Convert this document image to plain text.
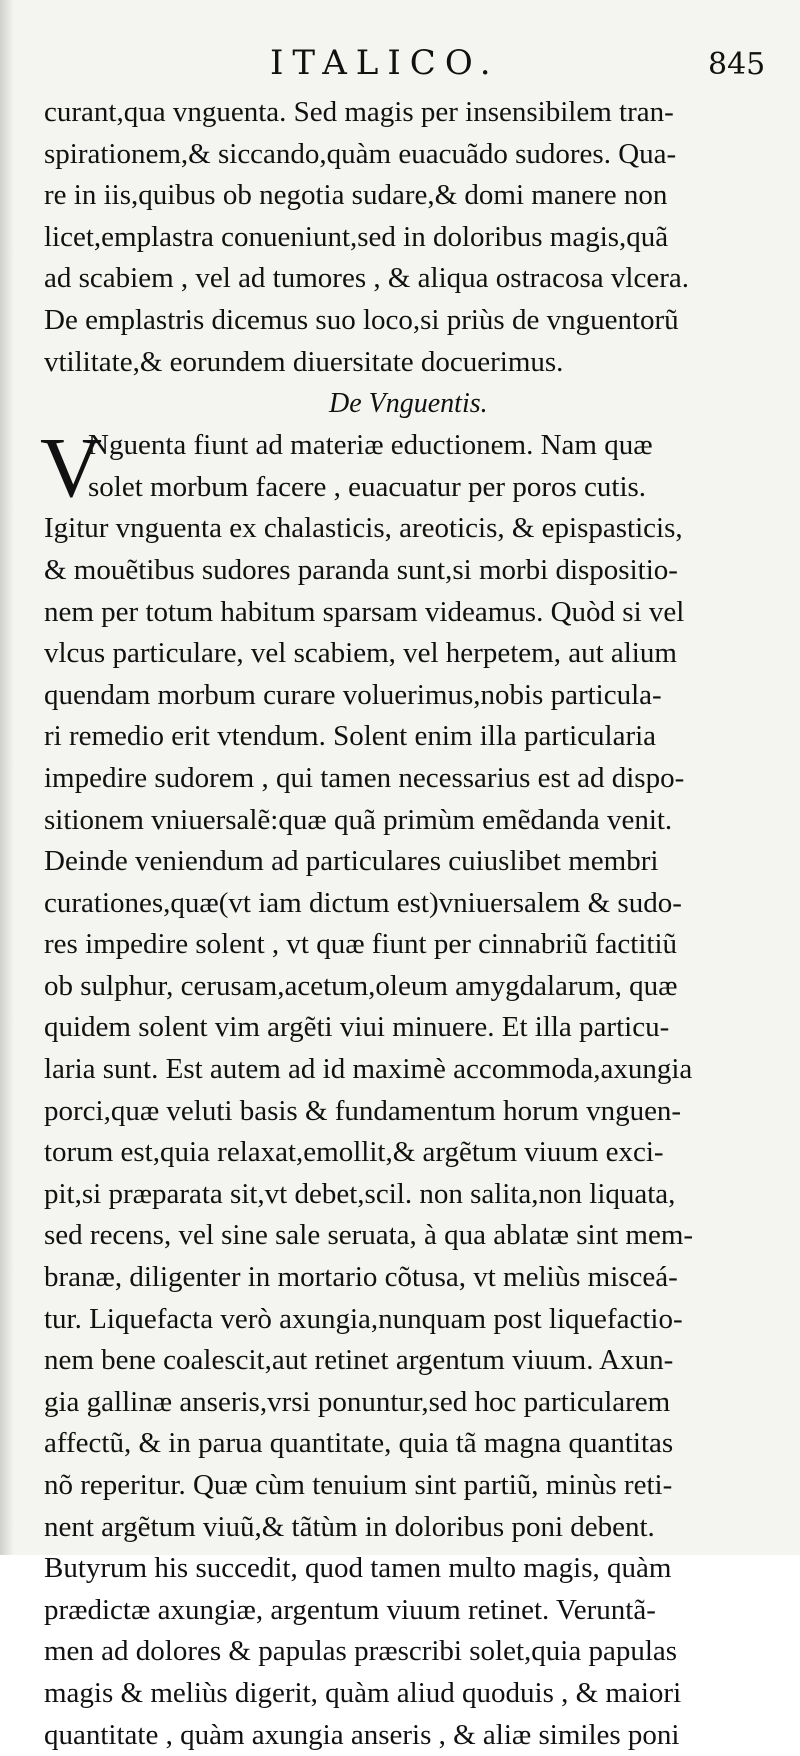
ITALICO.	845
curant,qua vnguenta. Sed magis per insensibilem tran-
spirationem,& siccando,quàm euacuãdo sudores. Qua-
re in iis,quibus ob negotia sudare,& domi manere non
licet,emplastra conueniunt,sed in doloribus magis,quã
ad scabiem , vel ad tumores , & aliqua ostracosa vlcera.
De emplastris dicemus suo loco,si priùs de vnguentorũ
vtilitate,& eorundem diuersitate docuerimus.
De Vnguentis.
V
Nguenta fiunt ad materiæ eductionem. Nam quæ
solet morbum facere , euacuatur per poros cutis.
Igitur vnguenta ex chalasticis, areoticis, & epispasticis,
& mouẽtibus sudores paranda sunt,si morbi dispositio-
nem per totum habitum sparsam videamus. Quòd si vel
vlcus particulare, vel scabiem, vel herpetem, aut alium
quendam morbum curare voluerimus,nobis particula-
ri remedio erit vtendum. Solent enim illa particularia
impedire sudorem , qui tamen necessarius est ad dispo-
sitionem vniuersalẽ:quæ quã primùm emẽdanda venit.
Deinde veniendum ad particulares cuiuslibet membri
curationes,quæ(vt iam dictum est)vniuersalem & sudo-
res impedire solent , vt quæ fiunt per cinnabriũ factitiũ
ob sulphur, cerusam,acetum,oleum amygdalarum, quæ
quidem solent vim argẽti viui minuere. Et illa particu-
laria sunt. Est autem ad id maximè accommoda,axungia
porci,quæ veluti basis & fundamentum horum vnguen-
torum est,quia relaxat,emollit,& argẽtum viuum exci-
pit,si præparata sit,vt debet,scil. non salita,non liquata,
sed recens, vel sine sale seruata, à qua ablatæ sint mem-
branæ, diligenter in mortario cõtusa, vt meliùs misceá-
tur. Liquefacta verò axungia,nunquam post liquefactio-
nem bene coalescit,aut retinet argentum viuum. Axun-
gia gallinæ anseris,vrsi ponuntur,sed hoc particularem
affectũ, & in parua quantitate, quia tã magna quantitas
nõ reperitur. Quæ cùm tenuium sint partiũ, minùs reti-
nent argẽtum viuũ,& tãtùm in doloribus poni debent.
Butyrum his succedit, quod tamen multo magis, quàm
prædictæ axungiæ, argentum viuum retinet. Veruntã-
men ad dolores & papulas præscribi solet,quia papulas
magis & meliùs digerit, quàm aliud quoduis , & maiori
quantitate , quàm axungia anseris , & aliæ similes poni
